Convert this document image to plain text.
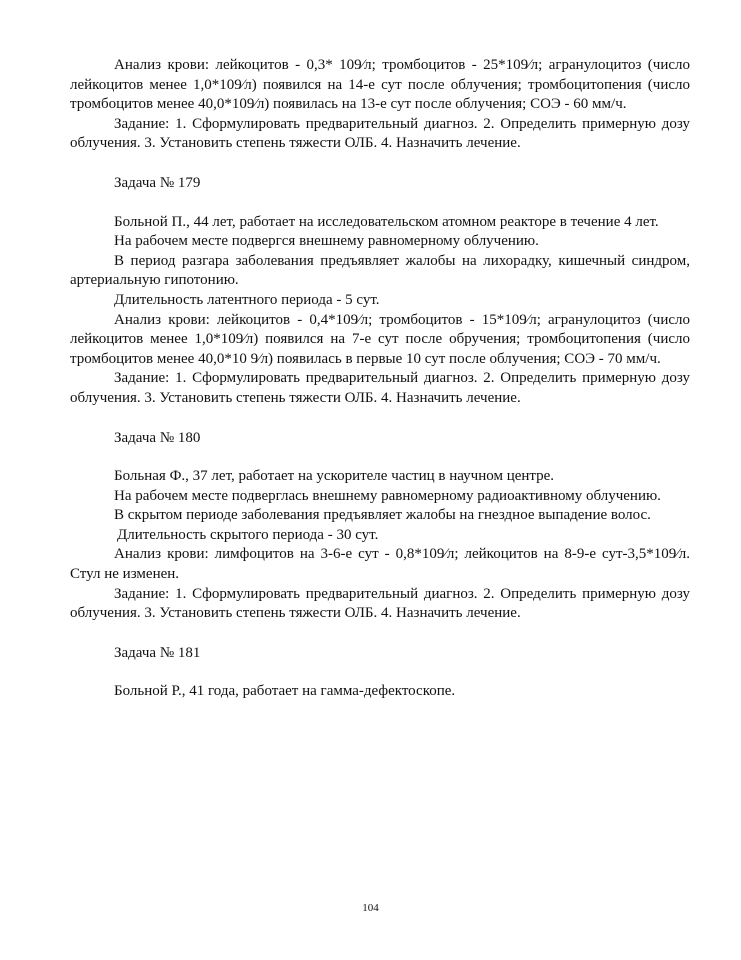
Анализ крови: лейкоцитов - 0,3* 109⁄л; тромбоцитов - 25*109⁄л; агранулоцитоз (число лейкоцитов менее 1,0*109⁄л) появился на 14-е сут после облучения; тромбоцитопения (число тромбоцитов менее 40,0*109⁄л) появилась на 13-е сут после облучения; СОЭ - 60 мм/ч.

Задание: 1. Сформулировать предварительный диагноз. 2. Определить примерную дозу облучения. 3. Установить степень тяжести ОЛБ. 4. Назначить лечение.

Задача № 179

Больной П., 44 лет, работает на исследовательском атомном реакторе в течение 4 лет.

На рабочем месте подвергся внешнему равномерному облучению.

В период разгара заболевания предъявляет жалобы на лихорадку, кишечный синдром, артериальную гипотонию.

Длительность латентного периода - 5 сут.

Анализ крови: лейкоцитов - 0,4*109⁄л; тромбоцитов - 15*109⁄л; агранулоцитоз (число лейкоцитов менее 1,0*109⁄л) появился на 7-е сут после обручения; тромбоцитопения (число тромбоцитов менее 40,0*10 9⁄л) появилась в первые 10 сут после облучения; СОЭ - 70 мм/ч.

Задание: 1. Сформулировать предварительный диагноз. 2. Определить примерную дозу облучения. 3. Установить степень тяжести ОЛБ. 4. Назначить лечение.

Задача № 180

Больная Ф., 37 лет, работает на ускорителе частиц в научном центре.

На рабочем месте подверглась внешнему равномерному радиоактивному облучению.

В скрытом периоде заболевания предъявляет жалобы на гнездное выпадение волос.

Длительность скрытого периода - 30 сут.

Анализ крови: лимфоцитов на 3-6-е сут - 0,8*109⁄л; лейкоцитов на 8-9-е сут-3,5*109⁄л. Стул не изменен.

Задание: 1. Сформулировать предварительный диагноз. 2. Определить примерную дозу облучения. 3. Установить степень тяжести ОЛБ. 4. Назначить лечение.

Задача № 181

Больной Р., 41 года, работает на гамма-дефектоскопе.

104
